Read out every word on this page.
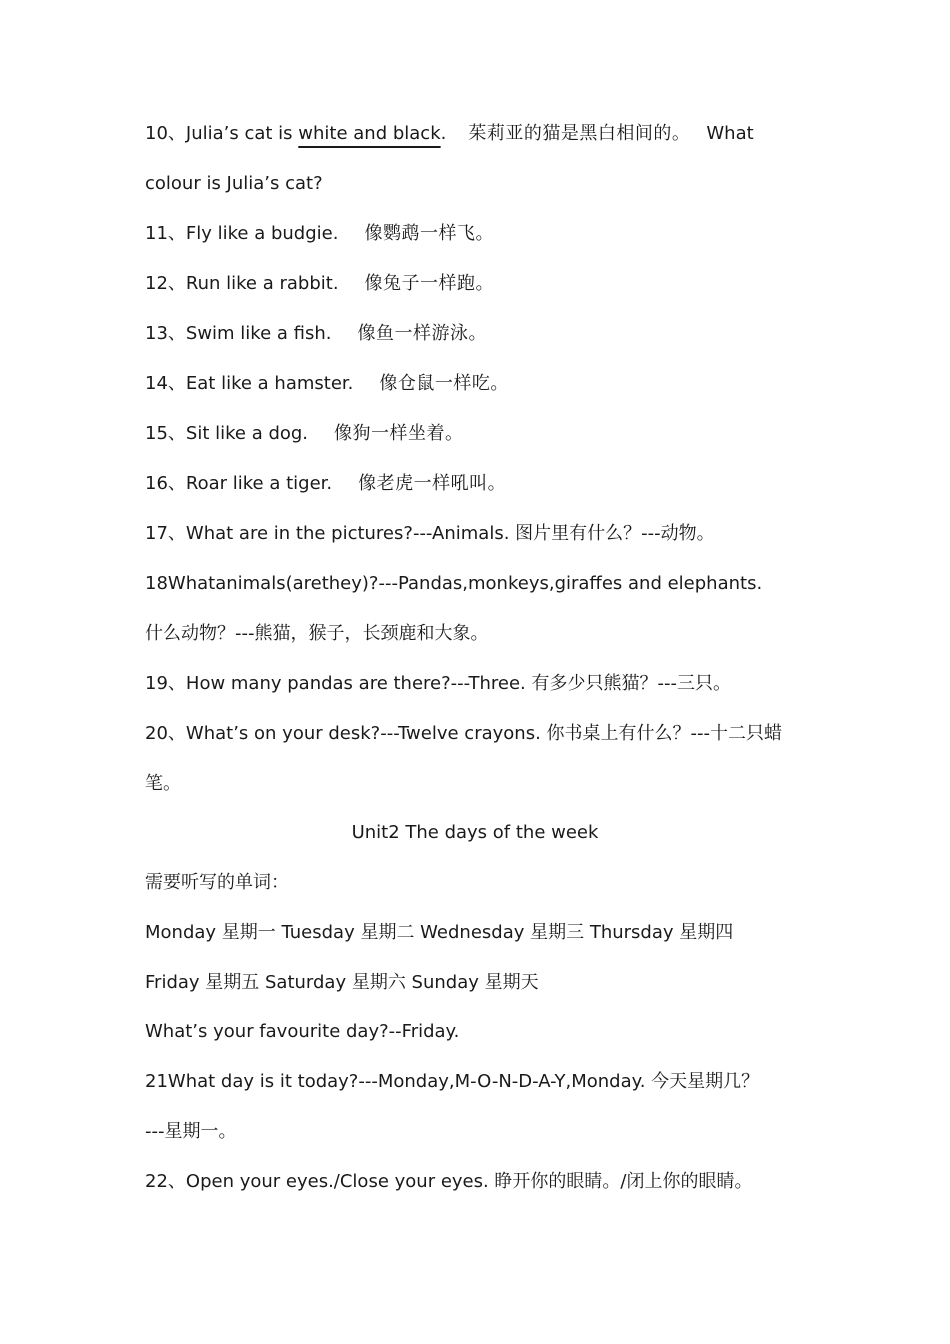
10、Julia’s cat is white and black. 茱莉亚的猫是黑白相间的。 What
colour is Julia’s cat?
11、Fly like a budgie. 像鹦鹉一样飞。
12、Run like a rabbit. 像兔子一样跑。
13、Swim like a fish. 像鱼一样游泳。
14、Eat like a hamster. 像仓鼠一样吃。
15、Sit like a dog. 像狗一样坐着。
16、Roar like a tiger. 像老虎一样吼叫。
17、What are in the pictures?---Animals. 图片里有什么？---动物。
18Whatanimals(arethey)?---Pandas,monkeys,giraffes and elephants.
什么动物？---熊猫，猴子，长颈鹿和大象。
19、How many pandas are there?---Three. 有多少只熊猫？---三只。
20、What’s on your desk?---Twelve crayons. 你书桌上有什么？---十二只蜡
笔。
Unit2 The days of the week
需要听写的单词：
Monday 星期一 Tuesday 星期二 Wednesday 星期三 Thursday 星期四
Friday 星期五 Saturday 星期六 Sunday 星期天
What’s your favourite day?--Friday.
21What day is it today?---Monday,M-O-N-D-A-Y,Monday. 今天星期几？
---星期一。
22、Open your eyes./Close your eyes. 睁开你的眼睛。/闭上你的眼睛。
